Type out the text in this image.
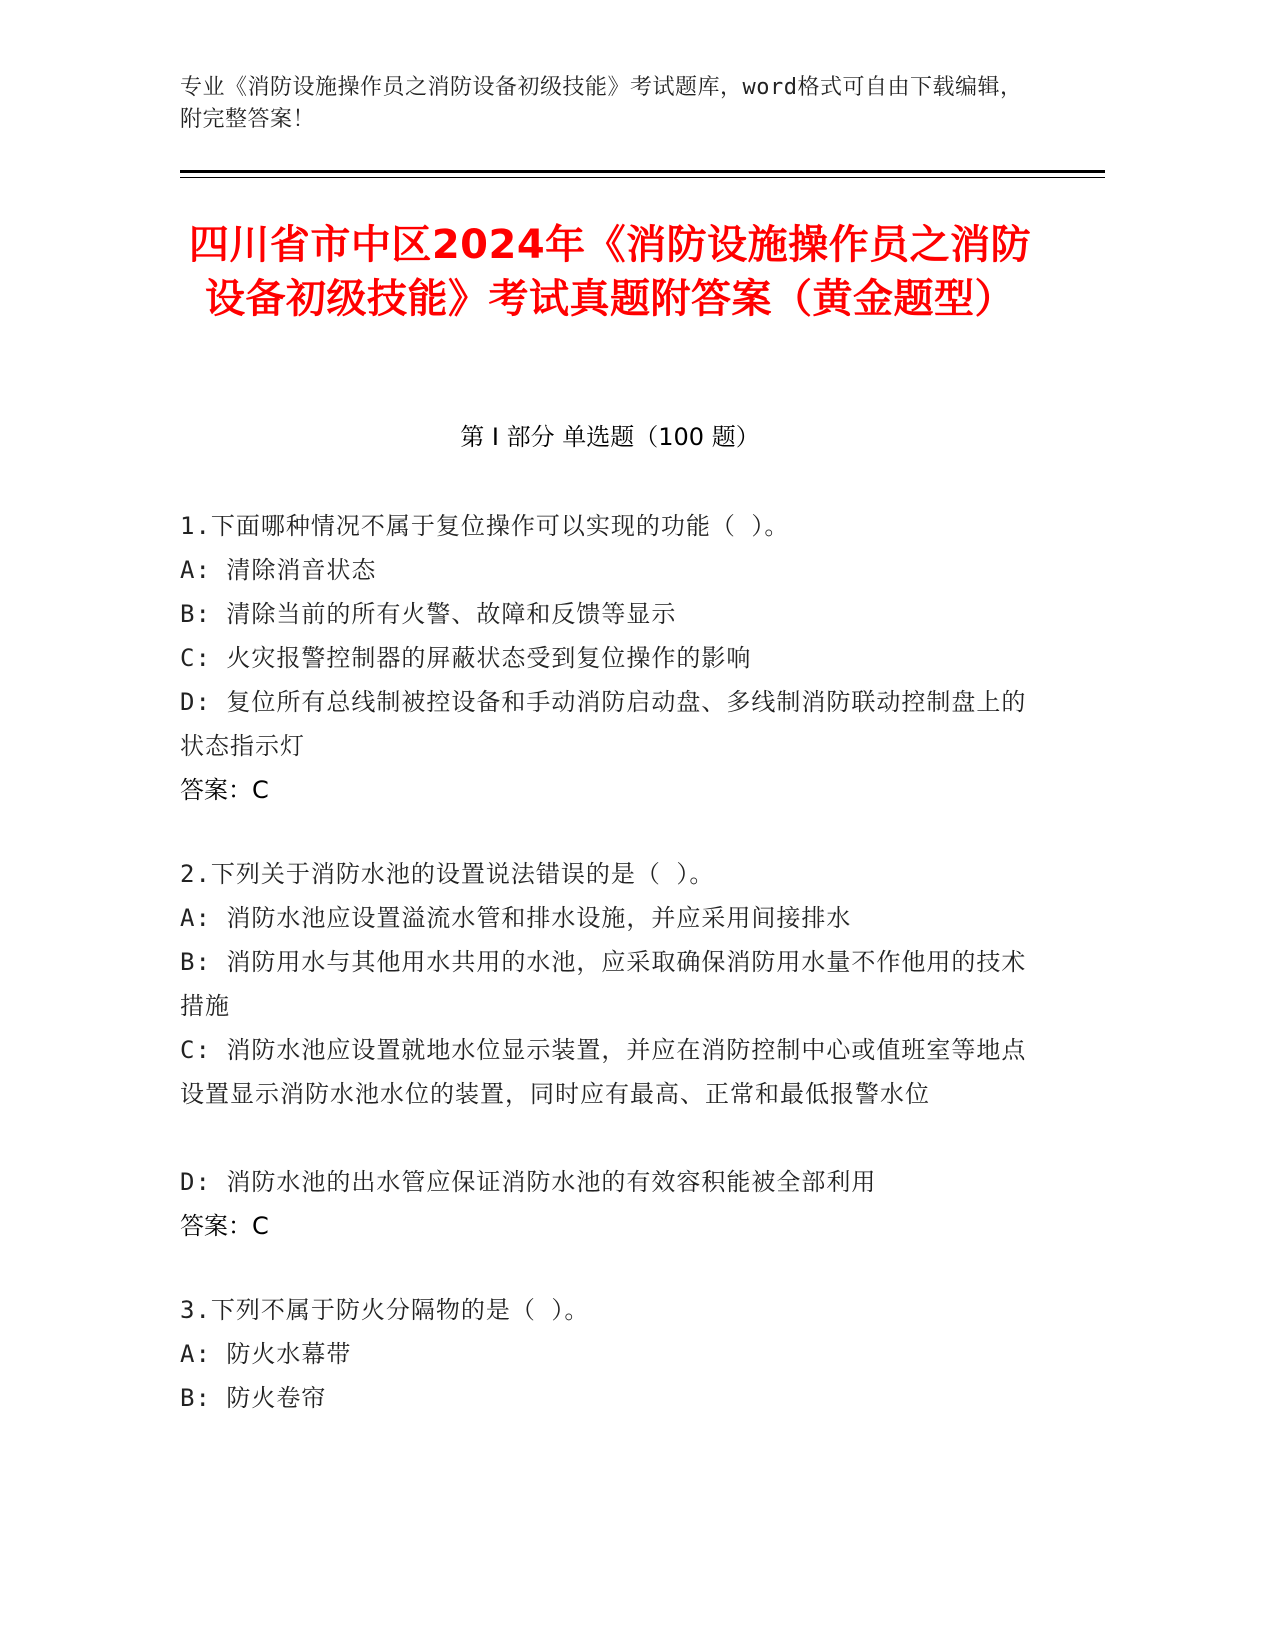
专业《消防设施操作员之消防设备初级技能》考试题库，word格式可自由下载编辑，附完整答案！
四川省市中区2024年《消防设施操作员之消防设备初级技能》考试真题附答案（黄金题型）
第 I 部分 单选题（100 题）
1.下面哪种情况不属于复位操作可以实现的功能（ ）。
A: 清除消音状态
B: 清除当前的所有火警、故障和反馈等显示
C: 火灾报警控制器的屏蔽状态受到复位操作的影响
D: 复位所有总线制被控设备和手动消防启动盘、多线制消防联动控制盘上的状态指示灯
答案：C
2.下列关于消防水池的设置说法错误的是（ ）。
A: 消防水池应设置溢流水管和排水设施，并应采用间接排水
B: 消防用水与其他用水共用的水池，应采取确保消防用水量不作他用的技术措施
C: 消防水池应设置就地水位显示装置，并应在消防控制中心或值班室等地点设置显示消防水池水位的装置，同时应有最高、正常和最低报警水位
D: 消防水池的出水管应保证消防水池的有效容积能被全部利用
答案：C
3.下列不属于防火分隔物的是（ ）。
A: 防火水幕带
B: 防火卷帘
